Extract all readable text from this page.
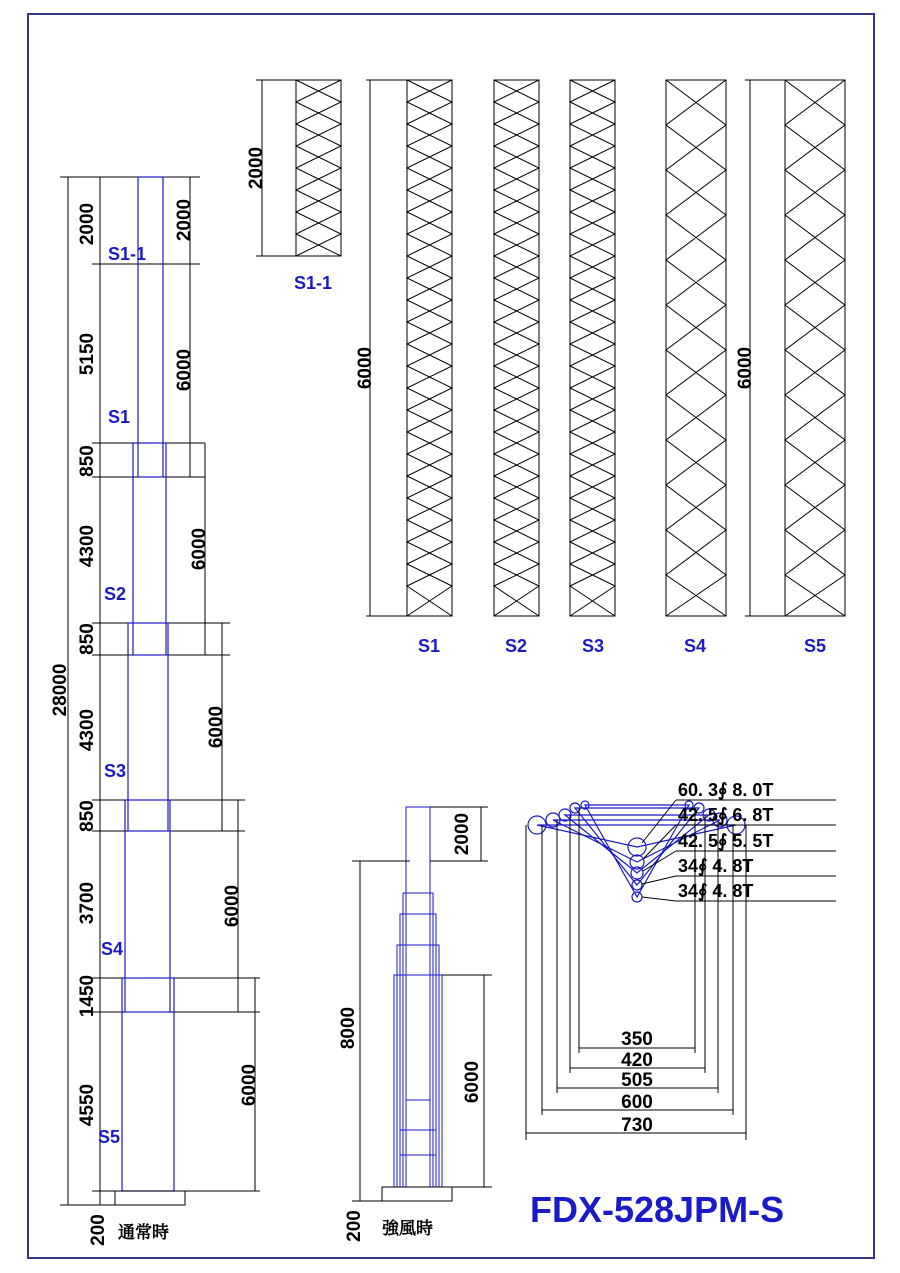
2000
5150
850
4300
850
4300
850
3700
1450
4550
28000
200
2000
6000
6000
6000
6000
6000
S1-1
S1
S2
S3
S4
S5
通常時
2000
S1-1
6000	6000
S1	S2	S3	S4	S5
8000
2000
6000
200 強風時
60. 3∮ 8. 0T
42. 5∮ 6. 8T
42. 5∮ 5. 5T
34∮ 4. 8T
34∮ 4. 8T
350
420
505
600
730
FDX-528JPM-S
